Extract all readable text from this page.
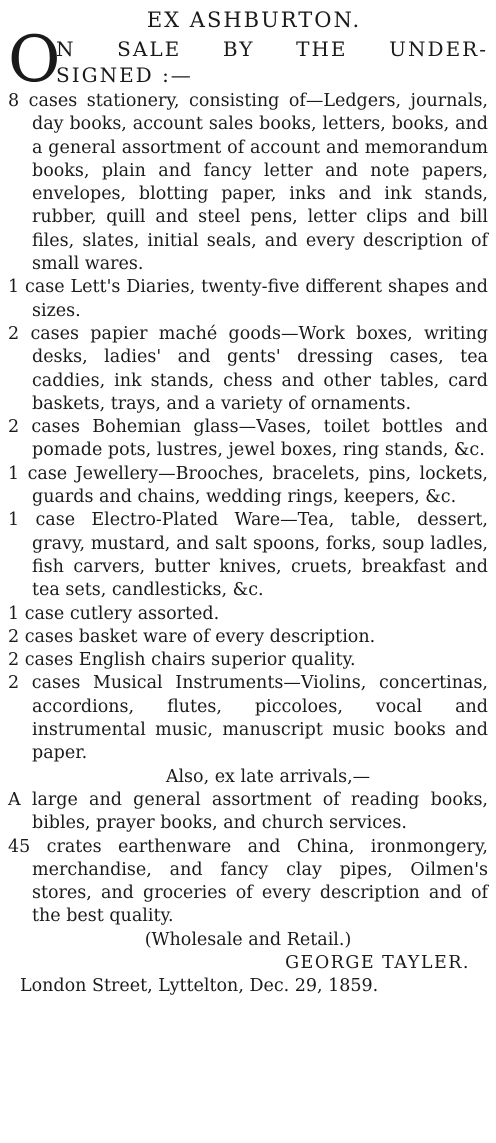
EX ASHBURTON.
O
N SALE BY THE UNDER-
SIGNED :—
8 cases stationery, consisting of—Ledgers, journals, day books, account sales books, letters, books, and a general assortment of account and memorandum books, plain and fancy letter and note papers, envelopes, blotting paper, inks and ink stands, rubber, quill and steel pens, letter clips and bill files, slates, initial seals, and every description of small wares.
1 case Lett's Diaries, twenty-five different shapes and sizes.
2 cases papier maché goods—Work boxes, writing desks, ladies' and gents' dressing cases, tea caddies, ink stands, chess and other tables, card baskets, trays, and a variety of ornaments.
2 cases Bohemian glass—Vases, toilet bottles and pomade pots, lustres, jewel boxes, ring stands, &c.
1 case Jewellery—Brooches, bracelets, pins, lockets, guards and chains, wedding rings, keepers, &c.
1 case Electro-Plated Ware—Tea, table, dessert, gravy, mustard, and salt spoons, forks, soup ladles, fish carvers, butter knives, cruets, breakfast and tea sets, candlesticks, &c.
1 case cutlery assorted.
2 cases basket ware of every description.
2 cases English chairs superior quality.
2 cases Musical Instruments—Violins, concertinas, accordions, flutes, piccoloes, vocal and instrumental music, manuscript music books and paper.
Also, ex late arrivals,—
A large and general assortment of reading books, bibles, prayer books, and church services.
45 crates earthenware and China, ironmongery, merchandise, and fancy clay pipes, Oilmen's stores, and groceries of every description and of the best quality.
(Wholesale and Retail.)
GEORGE TAYLER.
London Street, Lyttelton, Dec. 29, 1859.
